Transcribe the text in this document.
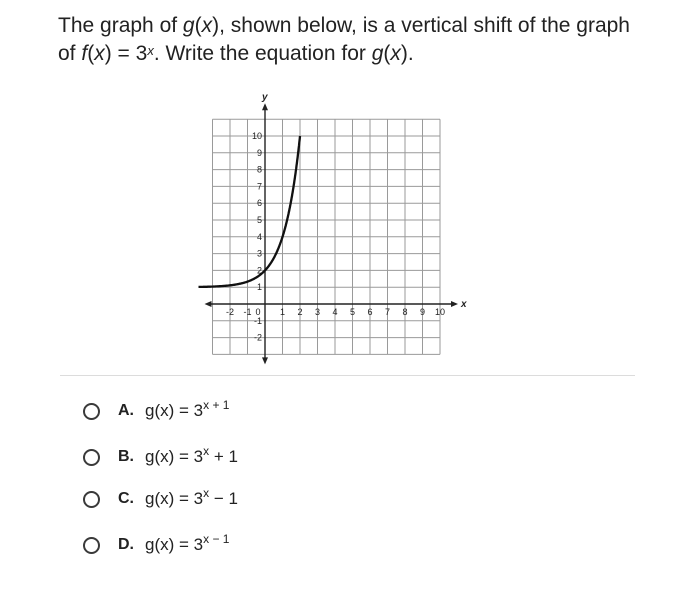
The graph of g(x), shown below, is a vertical shift of the graph
of $f(x) = 3^x$. Write the equation for g(x).
x
y
-2 -1 0 1 2 3 4 5 6 7 8 9 10
10
9
8
7
6
5
4
3
2
1
-1
-2
A. $g(x) = 3^{x + 1}$
B. $g(x) = 3^x + 1$
C. $g(x) = 3^x - 1$
D. $g(x) = 3^{x - 1}$
